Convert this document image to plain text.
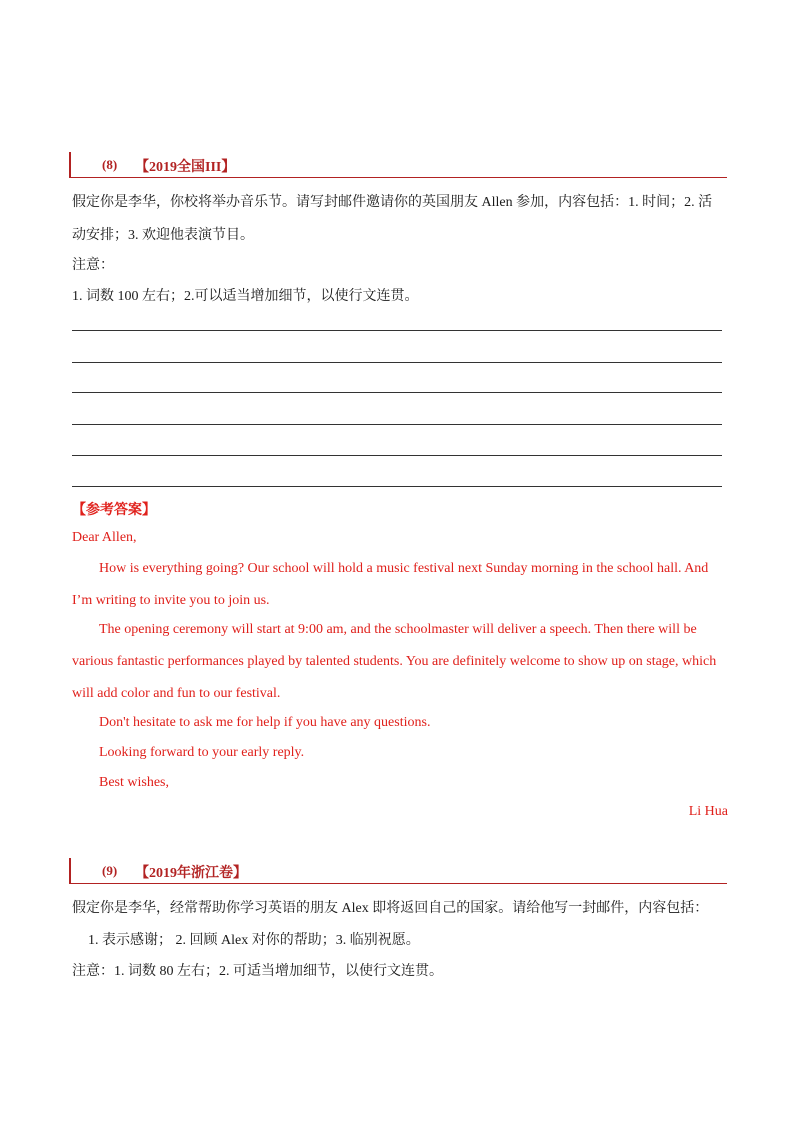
(8) 【2019全国III】
假定你是李华，你校将举办音乐节。请写封邮件邀请你的英国朋友 Allen 参加，内容包括：1. 时间；2. 活
动安排；3. 欢迎他表演节目。
注意：
1. 词数 100 左右；2.可以适当增加细节，以使行文连贯。
【参考答案】
Dear Allen,
How is everything going? Our school will hold a music festival next Sunday morning in the school hall. And
I’m writing to invite you to join us.
The opening ceremony will start at 9:00 am, and the schoolmaster will deliver a speech. Then there will be
various fantastic performances played by talented students. You are definitely welcome to show up on stage, which
will add color and fun to our festival.
Don't hesitate to ask me for help if you have any questions.
Looking forward to your early reply.
Best wishes,
Li Hua
(9) 【2019年浙江卷】
假定你是李华，经常帮助你学习英语的朋友 Alex 即将返回自己的国家。请给他写一封邮件，内容包括：
1. 表示感谢； 2. 回顾 Alex 对你的帮助；3. 临别祝愿。
注意：1. 词数 80 左右；2. 可适当增加细节，以使行文连贯。
